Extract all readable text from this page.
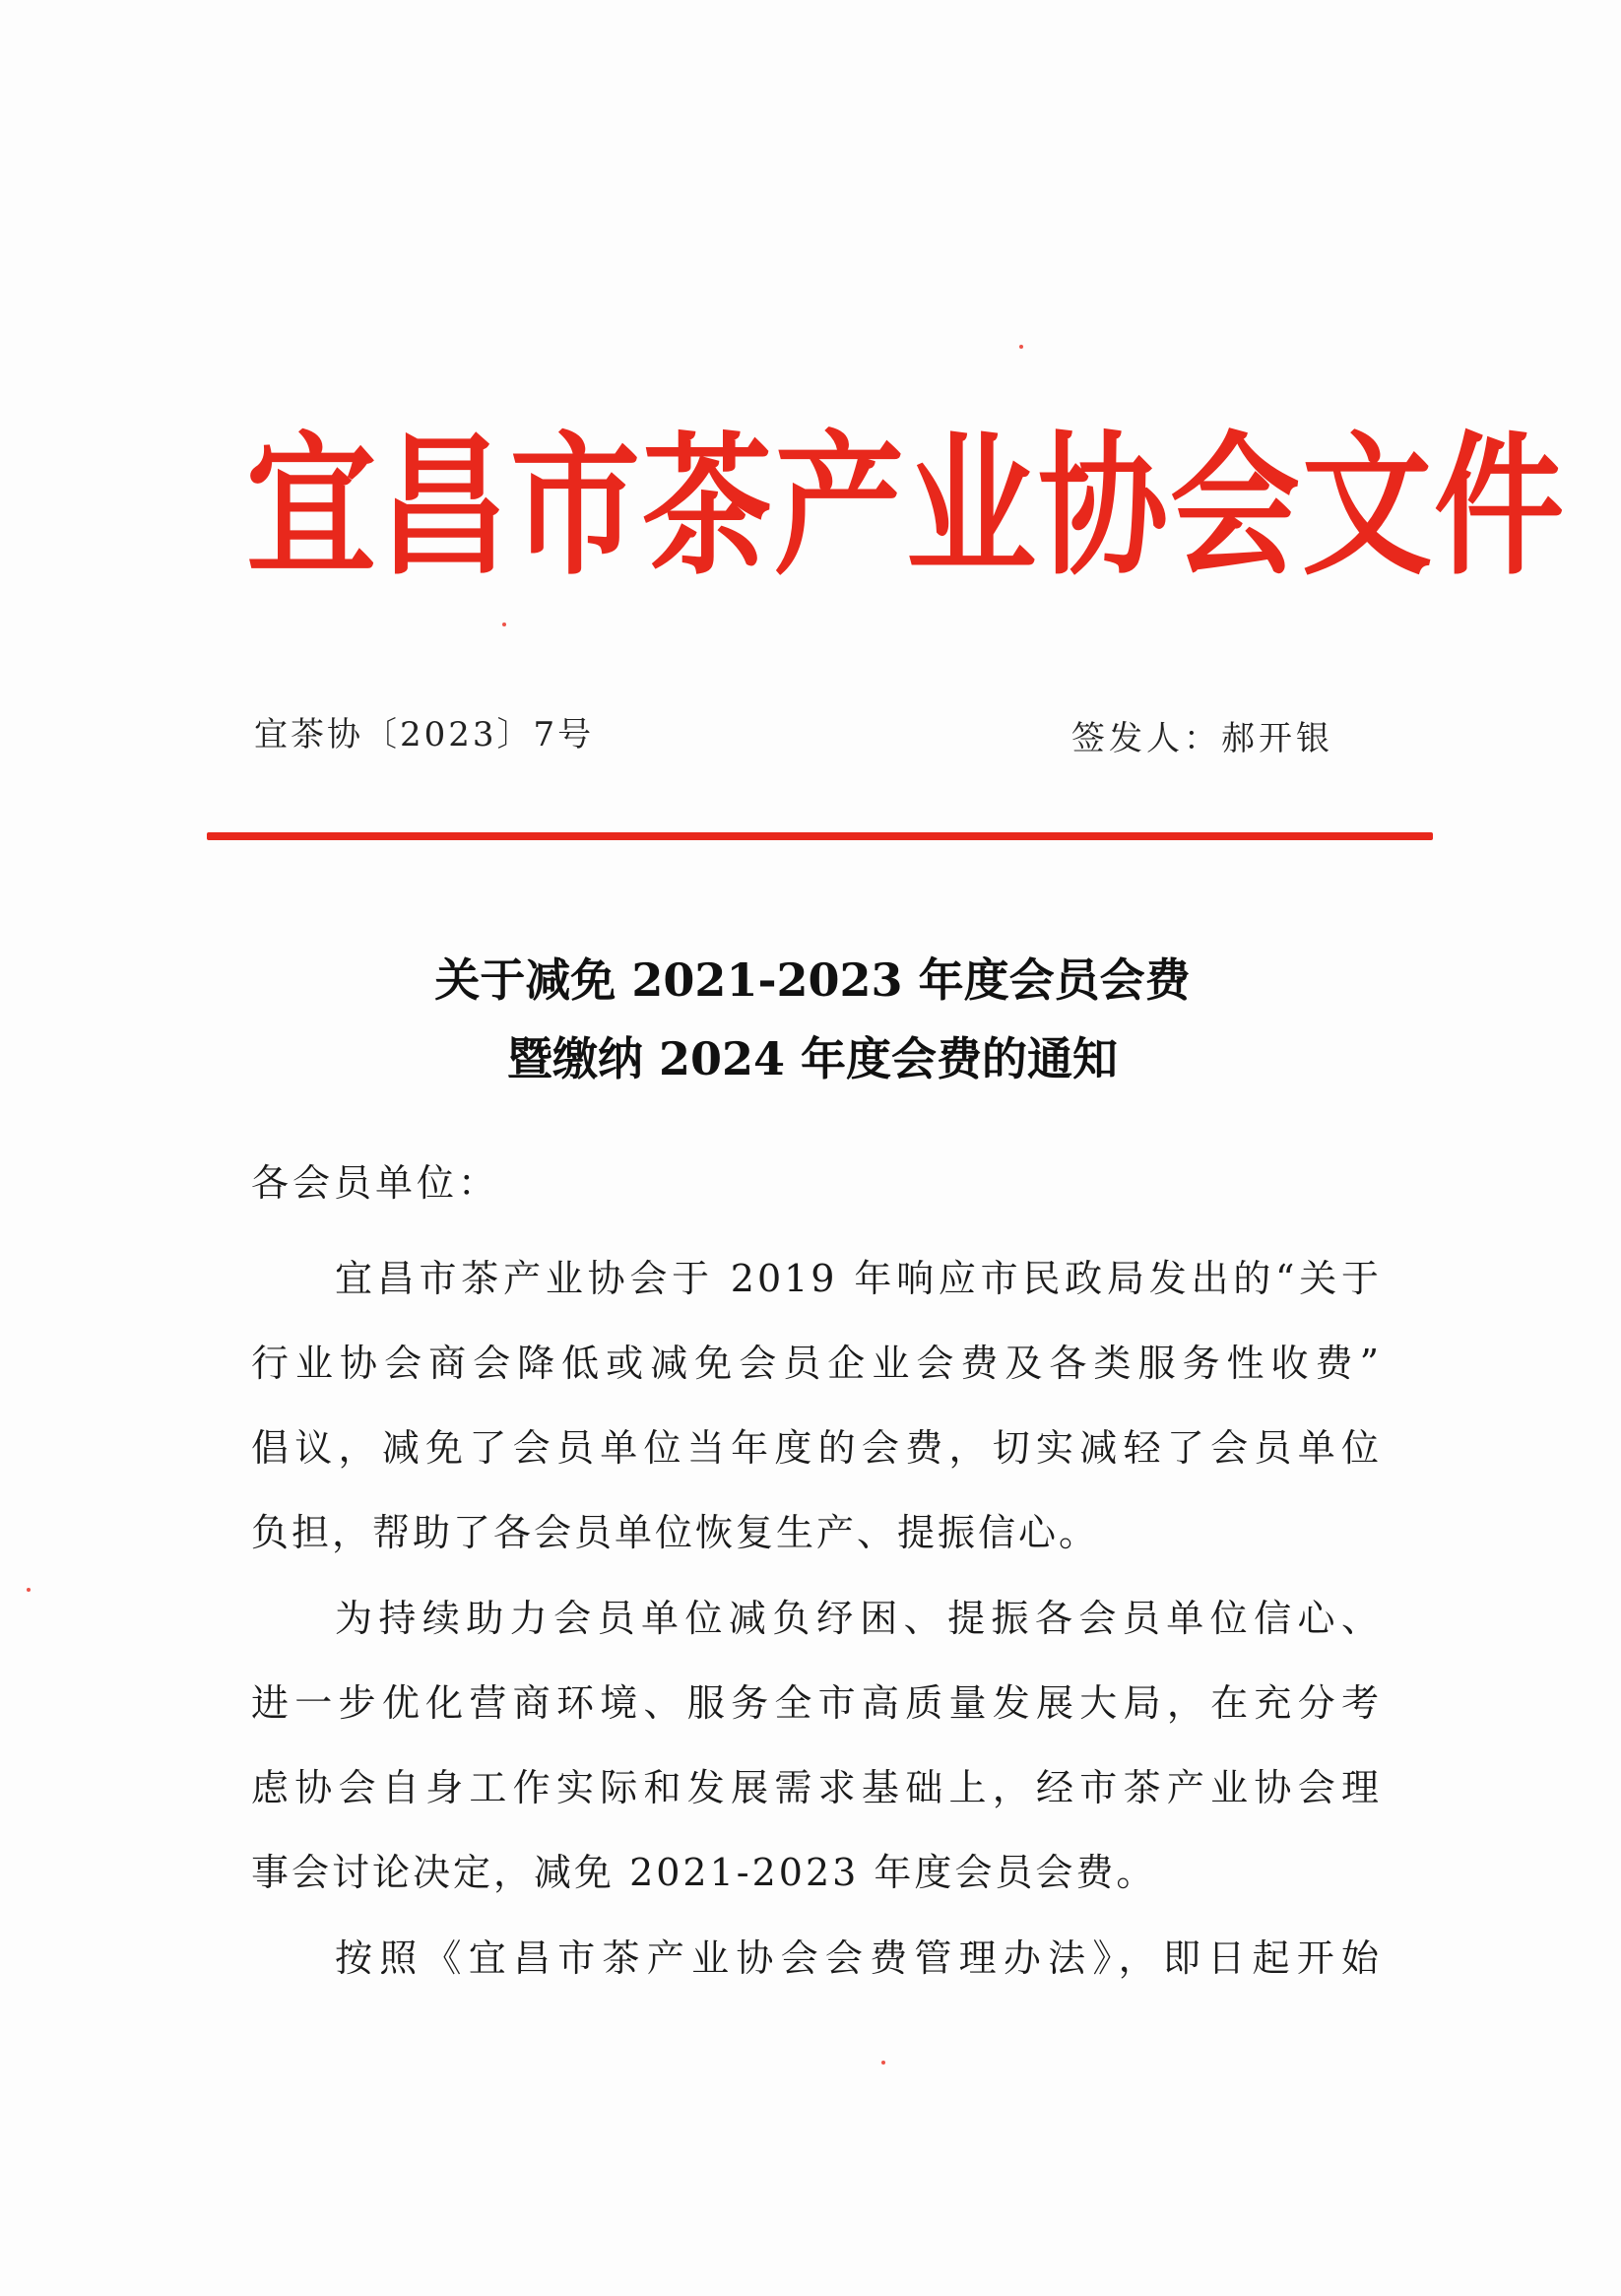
宜昌市茶产业协会文件
宜茶协〔2023〕7号	签发人：郝开银
关于减免 2021-2023 年度会员会费
暨缴纳 2024 年度会费的通知
各会员单位：
宜昌市茶产业协会于 2019 年响应市民政局发出的“关于
行业协会商会降低或减免会员企业会费及各类服务性收费”
倡议，减免了会员单位当年度的会费，切实减轻了会员单位
负担，帮助了各会员单位恢复生产、提振信心。
为持续助力会员单位减负纾困、提振各会员单位信心、
进一步优化营商环境、服务全市高质量发展大局，在充分考
虑协会自身工作实际和发展需求基础上，经市茶产业协会理
事会讨论决定，减免 2021-2023 年度会员会费。
按照《宜昌市茶产业协会会费管理办法》，即日起开始
